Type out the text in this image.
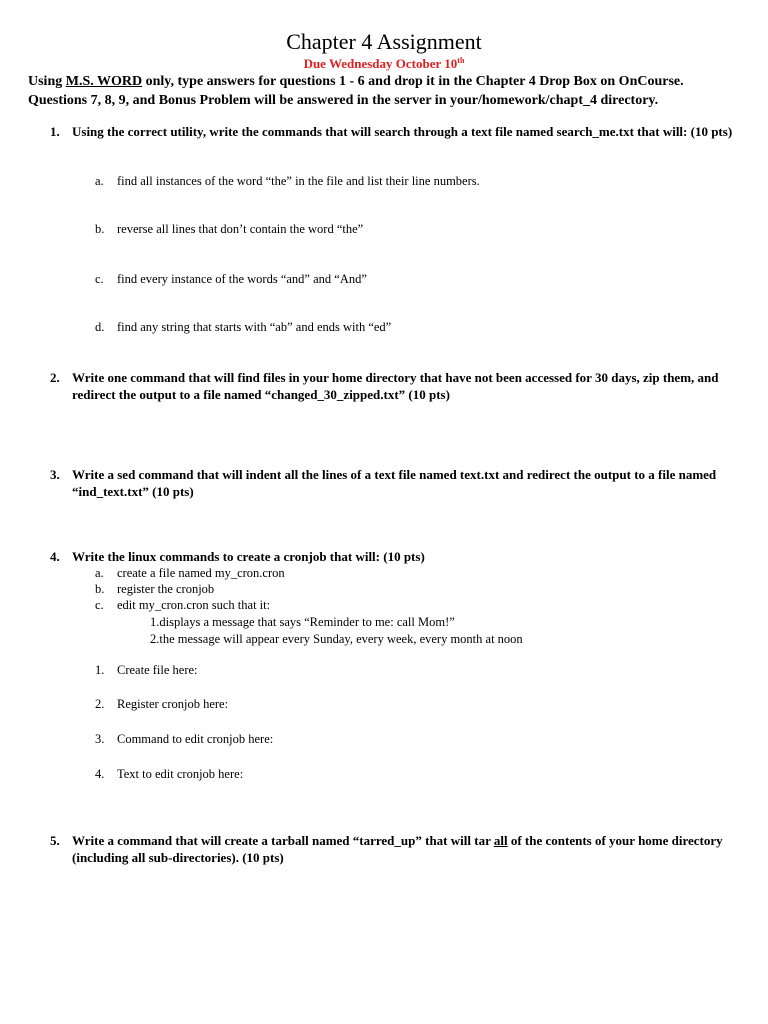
Chapter 4 Assignment
Due Wednesday October 10th
Using M.S. WORD only, type answers for questions 1 - 6 and drop it in the Chapter 4 Drop Box on OnCourse.
Questions 7, 8, 9, and Bonus Problem will be answered in the server in your/homework/chapt_4 directory.
1. Using the correct utility, write the commands that will search through a text file named search_me.txt that will: (10 pts)
a.	find all instances of the word “the” in the file and list their line numbers.
b.	reverse all lines that don’t contain the word “the”
c.	find every instance of the words “and” and “And”
d.	find any string that starts with “ab” and ends with “ed”
2. Write one command that will find files in your home directory that have not been accessed for 30 days, zip them, and redirect the output to a file named “changed_30_zipped.txt” (10 pts)
3. Write a sed command that will indent all the lines of a text file named text.txt and redirect the output to a file named “ind_text.txt” (10 pts)
4. Write the linux commands to create a cronjob that will: (10 pts)
a.	create a file named my_cron.cron
b.	register the cronjob
c.	edit my_cron.cron such that it:
1.displays a message that says “Reminder to me: call Mom!”
2.the message will appear every Sunday, every week, every month at noon
1.	Create file here:
2.	Register cronjob here:
3.	Command to edit cronjob here:
4.	Text to edit cronjob here:
5. Write a command that will create a tarball named “tarred_up” that will tar all of the contents of your home directory (including all sub-directories). (10 pts)
